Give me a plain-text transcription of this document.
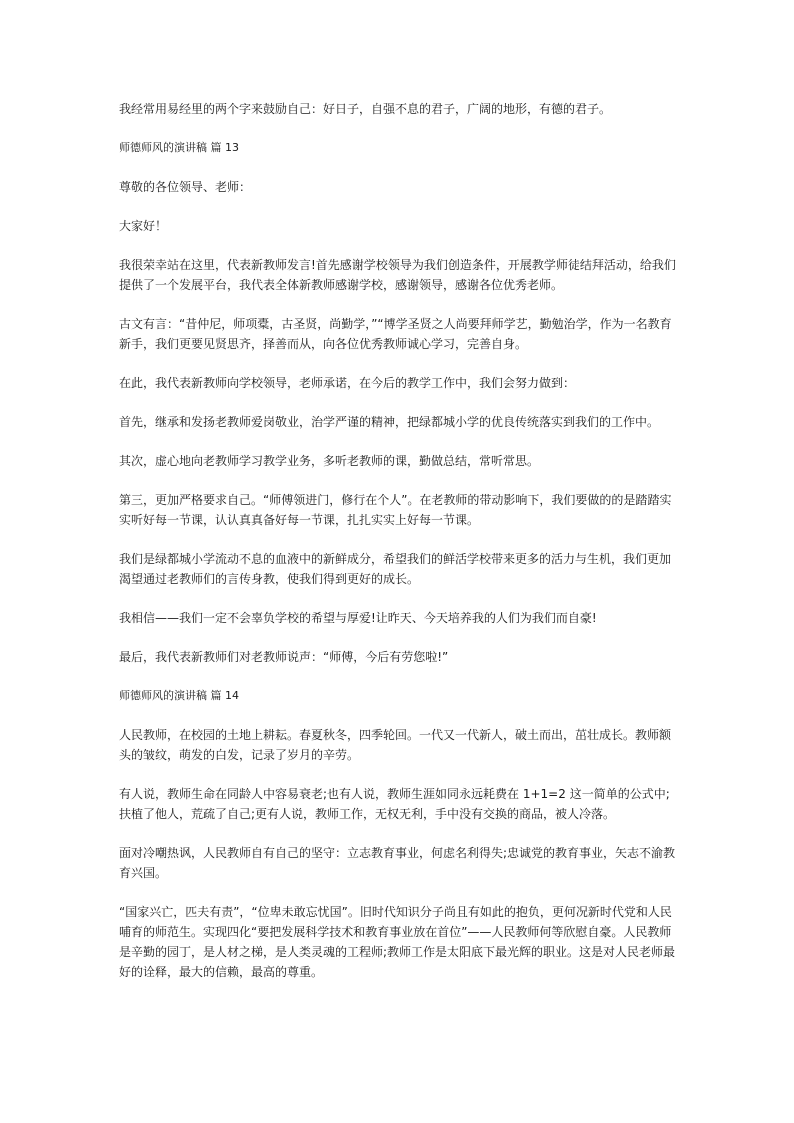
我经常用易经里的两个字来鼓励自己：好日子，自强不息的君子，广阔的地形，有德的君子。

师德师风的演讲稿 篇 13

尊敬的各位领导、老师：

大家好！

我很荣幸站在这里，代表新教师发言!首先感谢学校领导为我们创造条件，开展教学师徒结拜活动，给我们提供了一个发展平台，我代表全体新教师感谢学校，感谢领导，感谢各位优秀老师。

古文有言：“昔仲尼，师项橐，古圣贤，尚勤学，”“博学圣贤之人尚要拜师学艺，勤勉治学，作为一名教育新手，我们更要见贤思齐，择善而从，向各位优秀教师诚心学习，完善自身。

在此，我代表新教师向学校领导，老师承诺，在今后的教学工作中，我们会努力做到：

首先，继承和发扬老教师爱岗敬业，治学严谨的精神，把绿都城小学的优良传统落实到我们的工作中。

其次，虚心地向老教师学习教学业务，多听老教师的课，勤做总结，常听常思。

第三，更加严格要求自己。“师傅领进门，修行在个人”。在老教师的带动影响下，我们要做的的是踏踏实实听好每一节课，认认真真备好每一节课，扎扎实实上好每一节课。

我们是绿都城小学流动不息的血液中的新鲜成分，希望我们的鲜活学校带来更多的活力与生机，我们更加渴望通过老教师们的言传身教，使我们得到更好的成长。

我相信——我们一定不会辜负学校的希望与厚爱!让昨天、今天培养我的人们为我们而自豪!

最后，我代表新教师们对老教师说声：“师傅，今后有劳您啦!”

师德师风的演讲稿 篇 14

人民教师，在校园的土地上耕耘。春夏秋冬，四季轮回。一代又一代新人，破土而出，茁壮成长。教师额头的皱纹，萌发的白发，记录了岁月的辛劳。

有人说，教师生命在同龄人中容易衰老;也有人说，教师生涯如同永远耗费在 1+1=2 这一简单的公式中;扶植了他人，荒疏了自己;更有人说，教师工作，无权无利，手中没有交换的商品，被人冷落。

面对冷嘲热讽，人民教师自有自己的坚守：立志教育事业，何虑名利得失;忠诚党的教育事业，矢志不渝教育兴国。

“国家兴亡，匹夫有责”，“位卑未敢忘忧国”。旧时代知识分子尚且有如此的抱负，更何况新时代党和人民哺育的师范生。实现四化“要把发展科学技术和教育事业放在首位”——人民教师何等欣慰自豪。人民教师是辛勤的园丁，是人材之梯，是人类灵魂的工程师;教师工作是太阳底下最光辉的职业。这是对人民老师最好的诠释，最大的信赖，最高的尊重。
